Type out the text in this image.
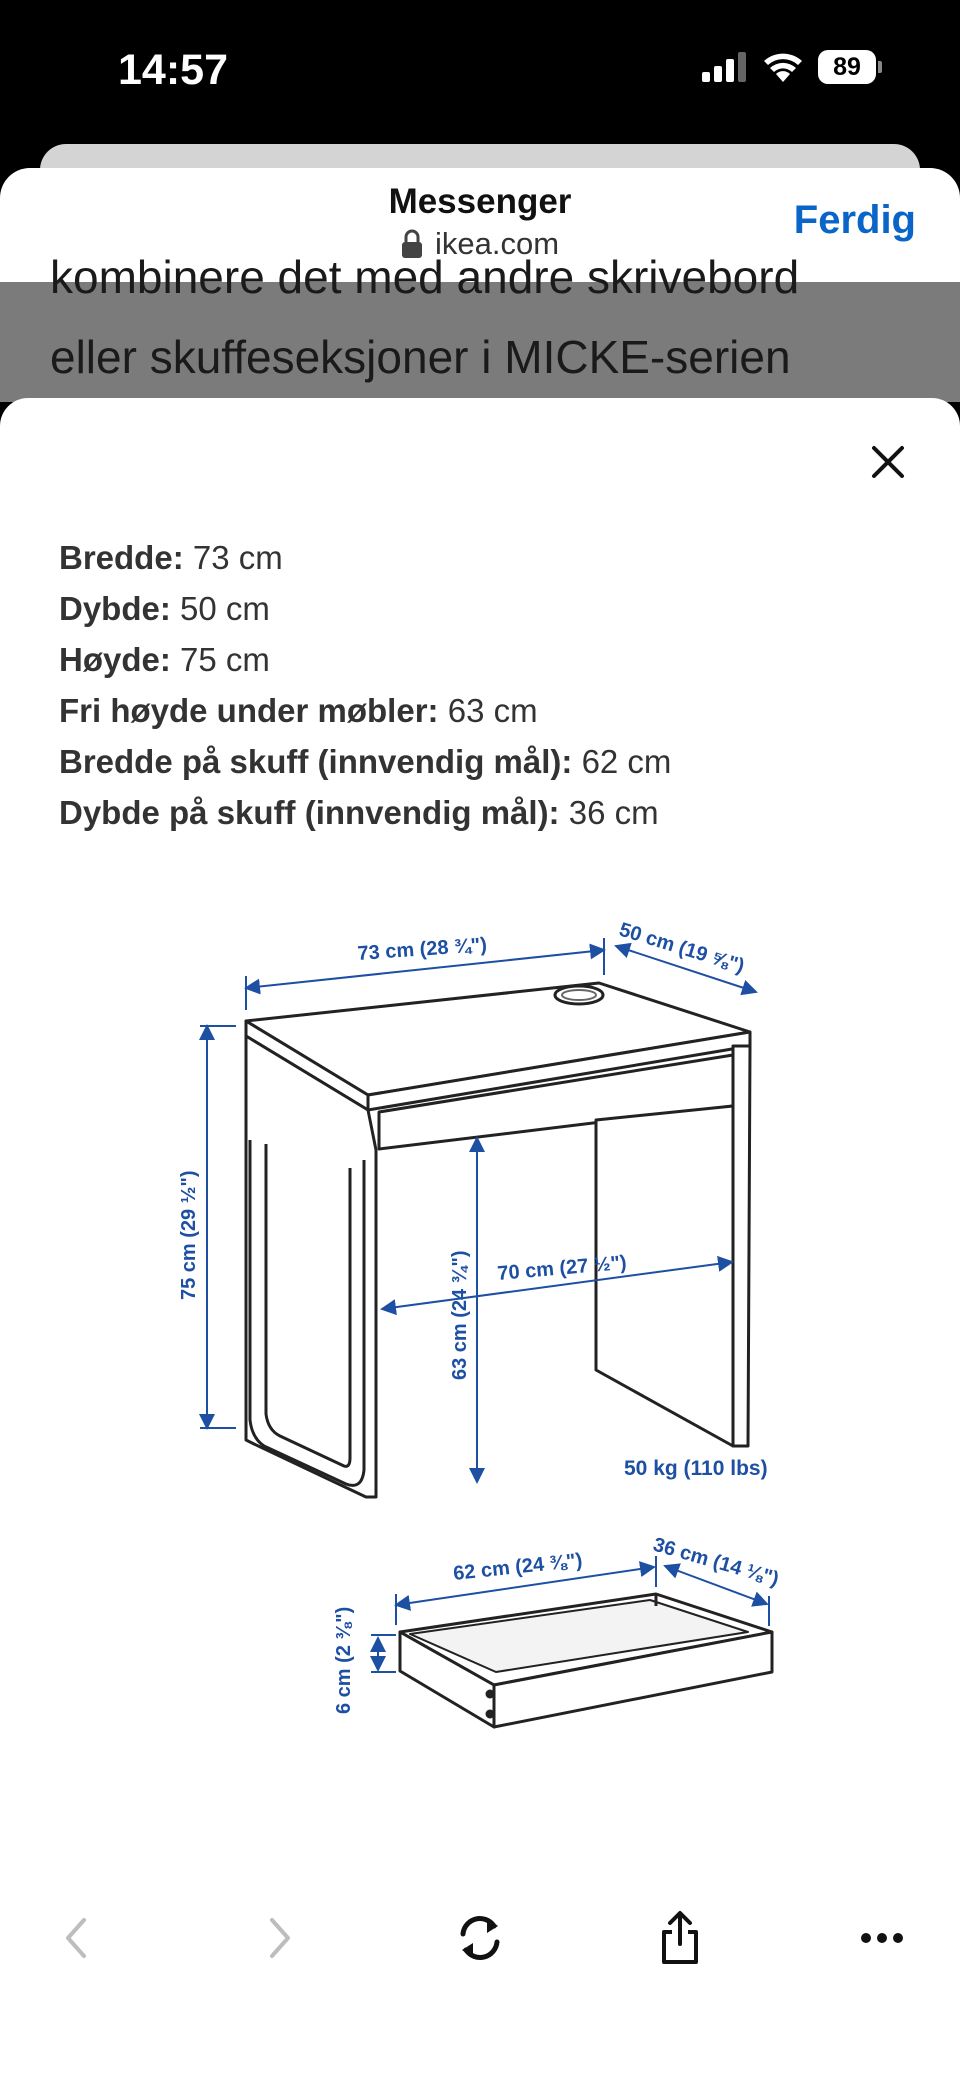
14:57	89
Messenger
ikea.com
Ferdig
kombinere det med andre skrivebord
eller skuffeseksjoner i MICKE-serien
Bredde: 73 cm
Dybde: 50 cm
Høyde: 75 cm
Fri høyde under møbler: 63 cm
Bredde på skuff (innvendig mål): 62 cm
Dybde på skuff (innvendig mål): 36 cm
73 cm (28 ¾")	50 cm (19 ⅝")
75 cm (29 ½")
63 cm (24 ¾") 70 cm (27 ½")
62 cm (24 ⅜")	36 cm (14 ⅛")
6 cm (2 ⅜")
50 kg (110 lbs)
